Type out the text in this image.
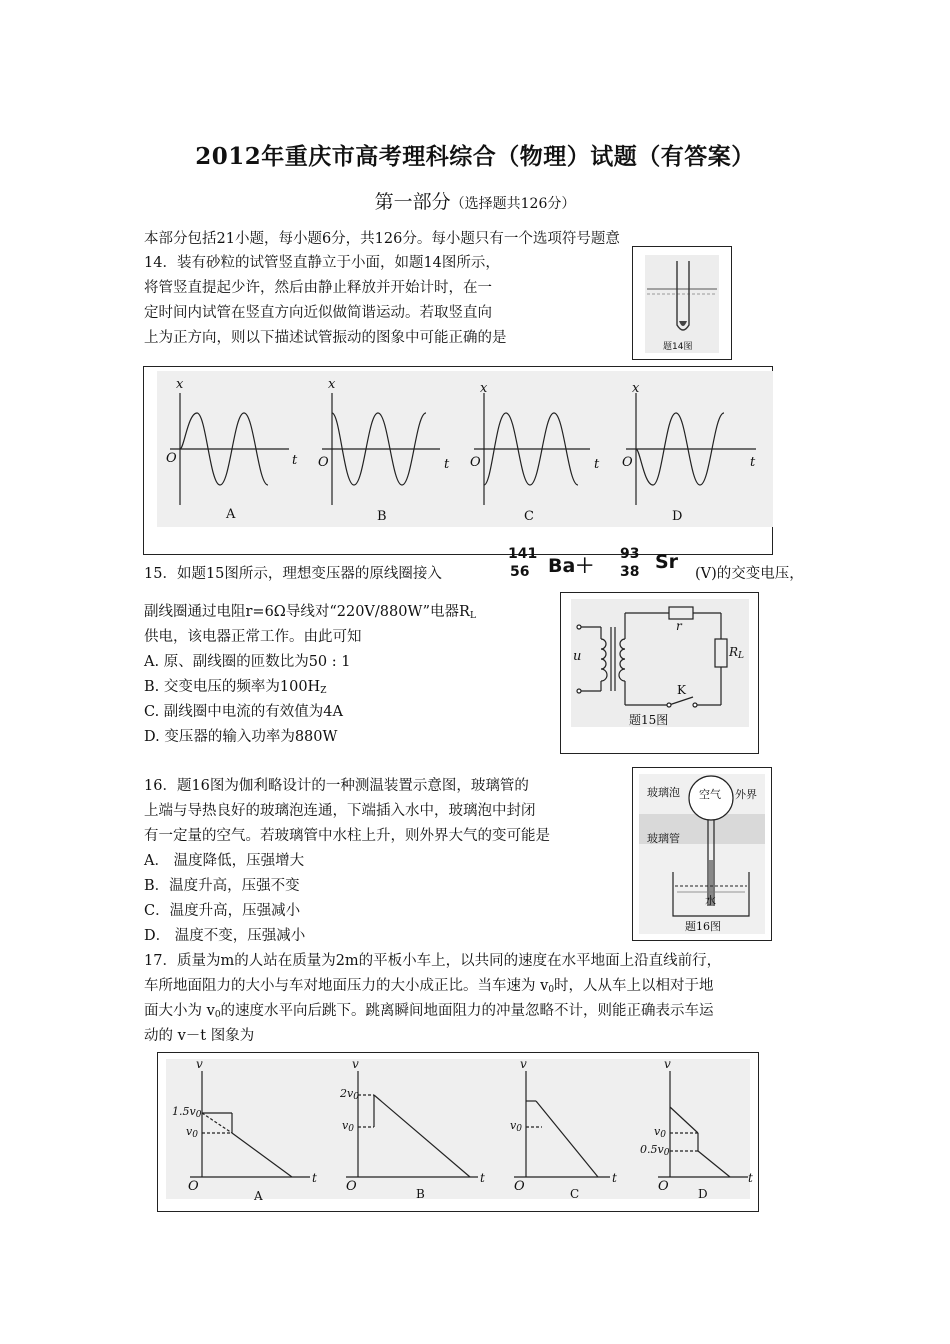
2012年重庆市高考理科综合（物理）试题（有答案）
第一部分（选择题共126分）
本部分包括21小题，每小题6分，共126分。每小题只有一个选项符号题意
14．装有砂粒的试管竖直静立于小面，如题14图所示，
将管竖直提起少许，然后由静止释放并开始计时，在一
定时间内试管在竖直方向近似做简谐运动。若取竖直向
上为正方向，则以下描述试管振动的图象中可能正确的是
题14图
x	x	x	x
O	O	O	O
t	t	t	t
A	B	C	D
15．如题15图所示，理想变压器的原线圈接入
141
56 Ba＋
93
38 Sr
(V)的交变电压，
副线圈通过电阻r=6Ω导线对“220V/880W”电器$R_L$
供电，该电器正常工作。由此可知
A. 原、副线圈的匝数比为50 : 1
B. 交变电压的频率为$100H_Z$
C. 副线圈中电流的有效值为4A
D. 变压器的输入功率为880W
u
r
$R_L$
K
题15图
16．题16图为伽利略设计的一种测温装置示意图，玻璃管的
上端与导热良好的玻璃泡连通，下端插入水中，玻璃泡中封闭
有一定量的空气。若玻璃管中水柱上升，则外界大气的变可能是
A． 温度降低，压强增大
B．温度升高，压强不变
C．温度升高，压强减小
D． 温度不变，压强减小
玻璃泡 空气 外界
玻璃管
水
题16图
17．质量为m的人站在质量为2m的平板小车上，以共同的速度在水平地面上沿直线前行，
车所地面阻力的大小与车对地面压力的大小成正比。当车速为 $v_0$时，人从车上以相对于地
面大小为 $v_0$的速度水平向后跳下。跳离瞬间地面阻力的冲量忽略不计，则能正确表示车运
动的 v－t 图象为
v	v	v	v
$1.5v_0$
$v_0$
$2v_0$
$v_0$	$v_0$	$v_0$
$0.5v_0$
O	O	O	O
t	t	t	t
A	B	C	D
